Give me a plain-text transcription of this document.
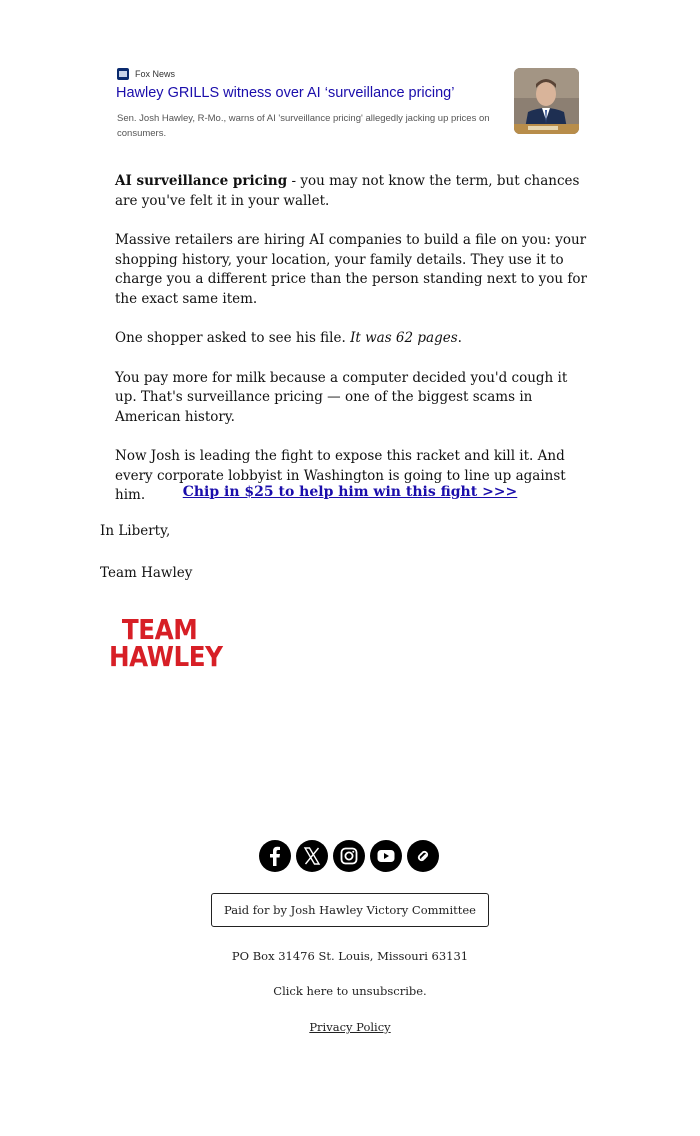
Fox News
Hawley GRILLS witness over AI ‘surveillance pricing’
Sen. Josh Hawley, R-Mo., warns of AI 'surveillance pricing' allegedly jacking up prices on consumers.

AI surveillance pricing - you may not know the term, but chances are you've felt it in your wallet.

Massive retailers are hiring AI companies to build a file on you: your shopping history, your location, your family details. They use it to charge you a different price than the person standing next to you for the exact same item.

One shopper asked to see his file. It was 62 pages.

You pay more for milk because a computer decided you'd cough it up. That's surveillance pricing — one of the biggest scams in American history.

Now Josh is leading the fight to expose this racket and kill it. And every corporate lobbyist in Washington is going to line up against him.	Chip in $25 to help him win this fight >>>
In Liberty,
Team Hawley
TEAM
HAWLEY
Paid for by Josh Hawley Victory Committee
PO Box 31476 St. Louis, Missouri 63131
Click here to unsubscribe.
Privacy Policy
